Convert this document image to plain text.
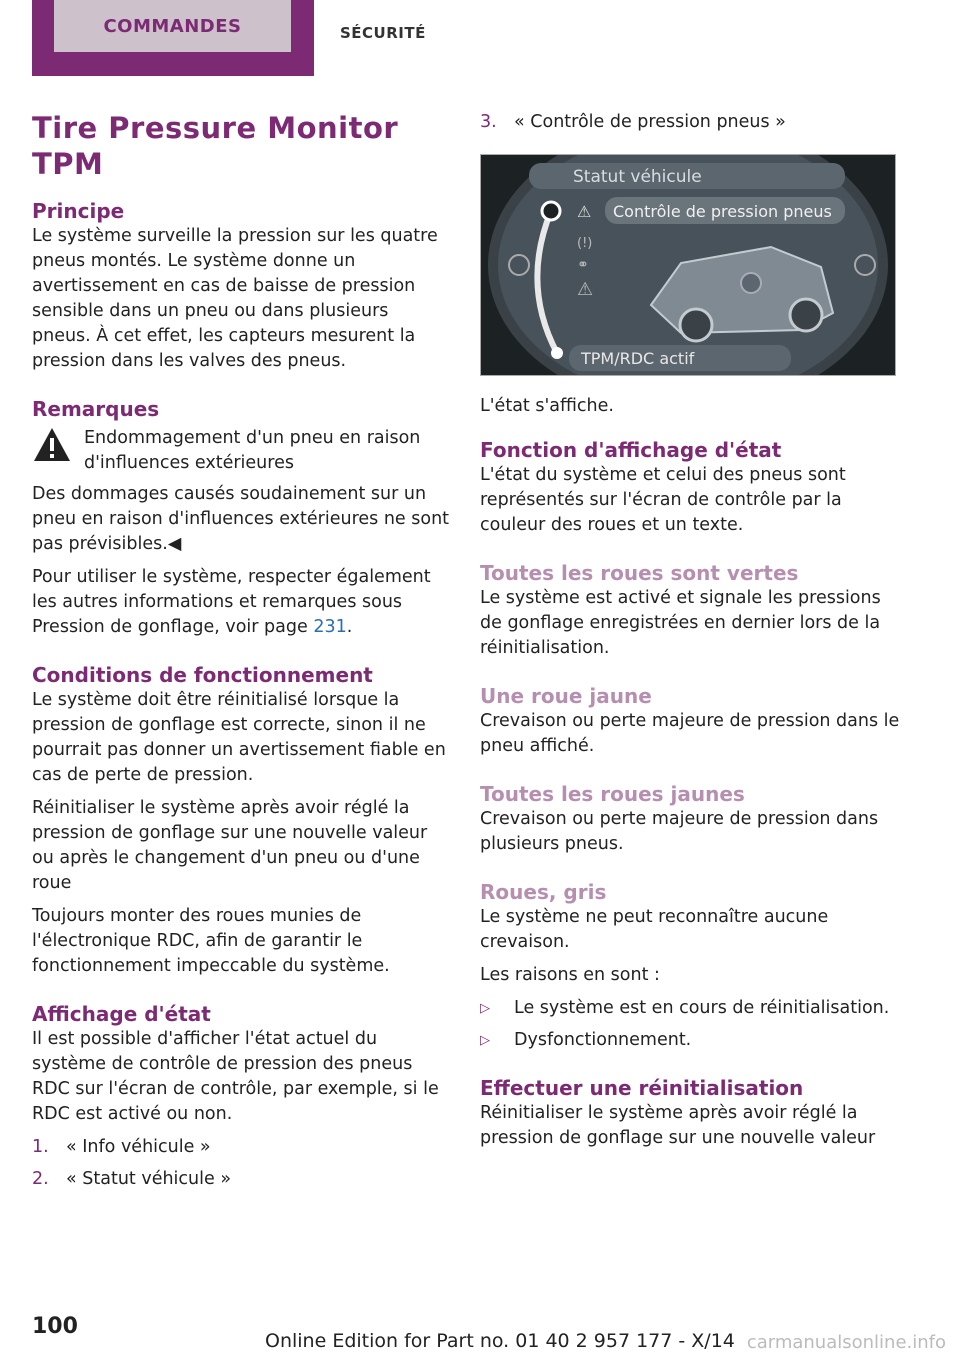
COMMANDES	SÉCURITÉ
Tire Pressure Monitor
TPM
Principe

Le système surveille la pression sur les quatre pneus montés. Le système donne un avertissement en cas de baisse de pression sensible dans un pneu ou dans plusieurs pneus. À cet effet, les capteurs mesurent la pression dans les valves des pneus.

Remarques

Endommagement d'un pneu en raison d'influences extérieures

Des dommages causés soudainement sur un pneu en raison d'influences extérieures ne sont pas prévisibles.◀

Pour utiliser le système, respecter également les autres informations et remarques sous Pression de gonflage, voir page 231.

Conditions de fonctionnement

Le système doit être réinitialisé lorsque la pression de gonflage est correcte, sinon il ne pourrait pas donner un avertissement fiable en cas de perte de pression.

Réinitialiser le système après avoir réglé la pression de gonflage sur une nouvelle valeur ou après le changement d'un pneu ou d'une roue

Toujours monter des roues munies de l'électronique RDC, afin de garantir le fonctionnement impeccable du système.

Affichage d'état

Il est possible d'afficher l'état actuel du système de contrôle de pression des pneus RDC sur l'écran de contrôle, par exemple, si le RDC est activé ou non.

1. « Info véhicule »
2. « Statut véhicule »
3. « Contrôle de pression pneus »
Statut véhicule
Contrôle de pression pneus
⚠
(!)
⚭
⚠
TPM/RDC actif

L'état s'affiche.

Fonction d'affichage d'état

L'état du système et celui des pneus sont représentés sur l'écran de contrôle par la couleur des roues et un texte.

Toutes les roues sont vertes

Le système est activé et signale les pressions de gonflage enregistrées en dernier lors de la réinitialisation.

Une roue jaune

Crevaison ou perte majeure de pression dans le pneu affiché.

Toutes les roues jaunes

Crevaison ou perte majeure de pression dans plusieurs pneus.

Roues, gris

Le système ne peut reconnaître aucune crevaison.

Les raisons en sont :

▷	Le système est en cours de réinitialisation.
▷	Dysfonctionnement.
Effectuer une réinitialisation

Réinitialiser le système après avoir réglé la pression de gonflage sur une nouvelle valeur

100
Online Edition for Part no. 01 40 2 957 177 - X/14 carmanualsonline.info
